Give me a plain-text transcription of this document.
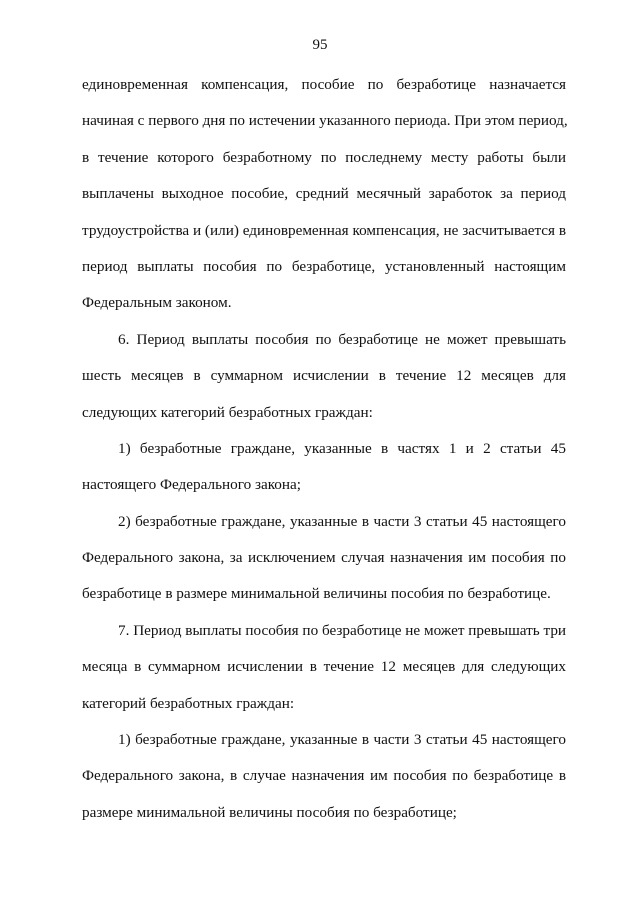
95
единовременная компенсация, пособие по безработице назначается
начиная с первого дня по истечении указанного периода. При этом период,
в течение которого безработному по последнему месту работы были
выплачены выходное пособие, средний месячный заработок за период
трудоустройства и (или) единовременная компенсация, не засчитывается в
период выплаты пособия по безработице, установленный настоящим
Федеральным законом.
6. Период выплаты пособия по безработице не может превышать
шесть месяцев в суммарном исчислении в течение 12 месяцев для
следующих категорий безработных граждан:
1) безработные граждане, указанные в частях 1 и 2 статьи 45
настоящего Федерального закона;
2) безработные граждане, указанные в части 3 статьи 45 настоящего
Федерального закона, за исключением случая назначения им пособия по
безработице в размере минимальной величины пособия по безработице.
7. Период выплаты пособия по безработице не может превышать три
месяца в суммарном исчислении в течение 12 месяцев для следующих
категорий безработных граждан:
1) безработные граждане, указанные в части 3 статьи 45 настоящего
Федерального закона, в случае назначения им пособия по безработице в
размере минимальной величины пособия по безработице;
